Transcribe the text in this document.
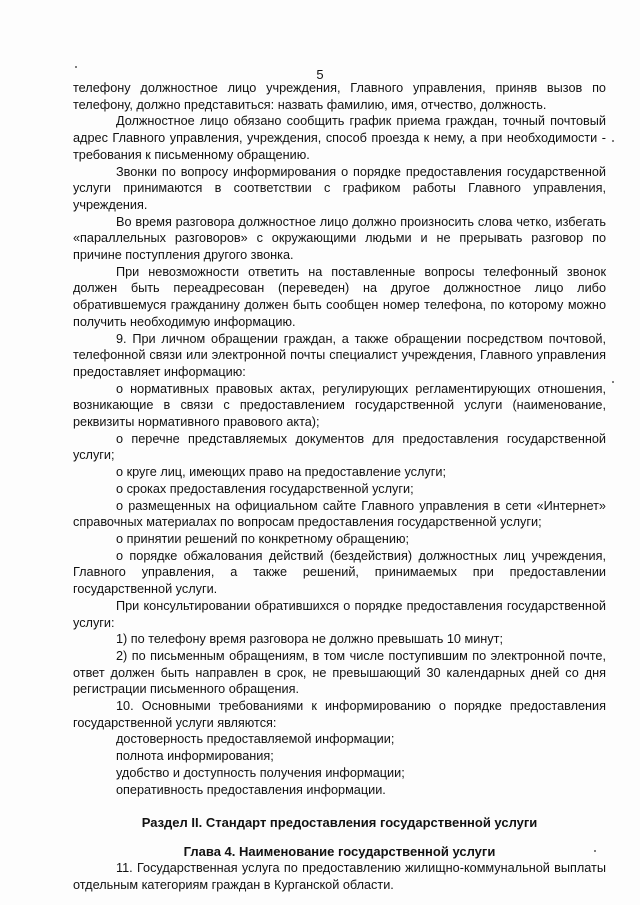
5

телефону должностное лицо учреждения, Главного управления, приняв вызов по телефону, должно представиться: назвать фамилию, имя, отчество, должность.

Должностное лицо обязано сообщить график приема граждан, точный почтовый адрес Главного управления, учреждения, способ проезда к нему, а при необходимости - требования к письменному обращению.

Звонки по вопросу информирования о порядке предоставления государственной услуги принимаются в соответствии с графиком работы Главного управления, учреждения.

Во время разговора должностное лицо должно произносить слова четко, избегать «параллельных разговоров» с окружающими людьми и не прерывать разговор по причине поступления другого звонка.

При невозможности ответить на поставленные вопросы телефонный звонок должен быть переадресован (переведен) на другое должностное лицо либо обратившемуся гражданину должен быть сообщен номер телефона, по которому можно получить необходимую информацию.

9. При личном обращении граждан, а также обращении посредством почтовой, телефонной связи или электронной почты специалист учреждения, Главного управления предоставляет информацию:

о нормативных правовых актах, регулирующих регламентирующих отношения, возникающие в связи с предоставлением государственной услуги (наименование, реквизиты нормативного правового акта);

о перечне представляемых документов для предоставления государственной услуги;

о круге лиц, имеющих право на предоставление услуги;

о сроках предоставления государственной услуги;

о размещенных на официальном сайте Главного управления в сети «Интернет» справочных материалах по вопросам предоставления государственной услуги;

о принятии решений по конкретному обращению;

о порядке обжалования действий (бездействия) должностных лиц учреждения, Главного управления, а также решений, принимаемых при предоставлении государственной услуги.

При консультировании обратившихся о порядке предоставления государственной услуги:

1) по телефону время разговора не должно превышать 10 минут;

2) по письменным обращениям, в том числе поступившим по электронной почте, ответ должен быть направлен в срок, не превышающий 30 календарных дней со дня регистрации письменного обращения.

10. Основными требованиями к информированию о порядке предоставления государственной услуги являются:

достоверность предоставляемой информации;

полнота информирования;

удобство и доступность получения информации;

оперативность предоставления информации.

Раздел II. Стандарт предоставления государственной услуги
Глава 4. Наименование государственной услуги

11. Государственная услуга по предоставлению жилищно-коммунальной выплаты отдельным категориям граждан в Курганской области.
